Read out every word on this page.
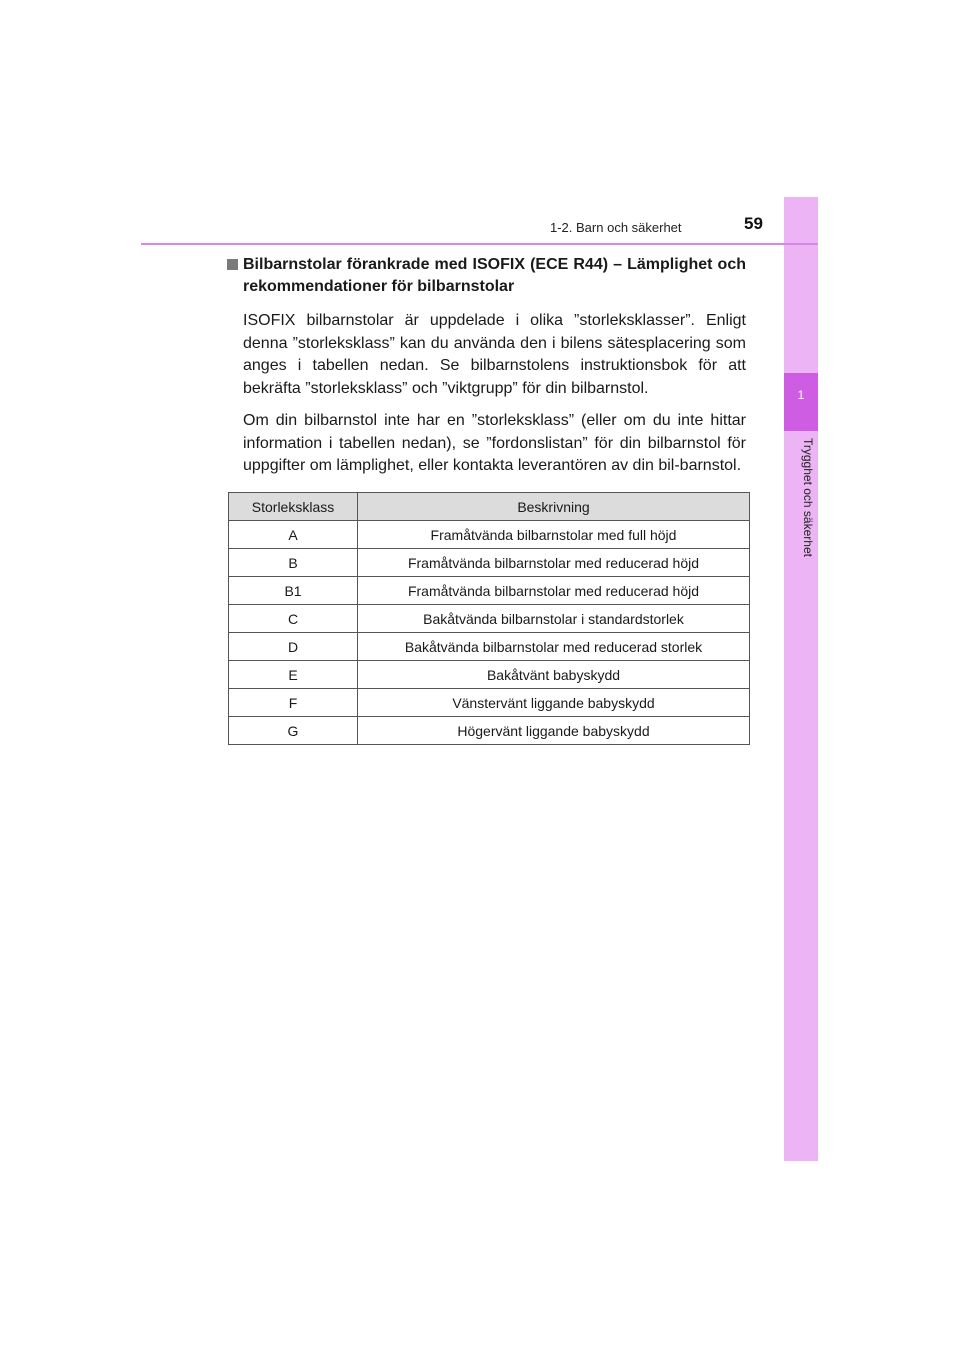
1
Trygghet och säkerhet
1-2. Barn och säkerhet	59

Bilbarnstolar förankrade med ISOFIX (ECE R44) – Lämplighet och rekommendationer för bilbarnstolar

ISOFIX bilbarnstolar är uppdelade i olika ”storleksklasser”. Enligt denna ”storleksklass” kan du använda den i bilens sätesplacering som anges i tabellen nedan. Se bilbarnstolens instruktionsbok för att bekräfta ”storleksklass” och ”viktgrupp” för din bilbarnstol.

Om din bilbarnstol inte har en ”storleksklass” (eller om du inte hittar information i tabellen nedan), se ”fordonslistan” för din bilbarnstol för uppgifter om lämplighet, eller kontakta leverantören av din bil-barnstol.

Storleksklass	Beskrivning
A	Framåtvända bilbarnstolar med full höjd
B	Framåtvända bilbarnstolar med reducerad höjd
B1	Framåtvända bilbarnstolar med reducerad höjd
C	Bakåtvända bilbarnstolar i standardstorlek
D	Bakåtvända bilbarnstolar med reducerad storlek
E	Bakåtvänt babyskydd
F	Vänstervänt liggande babyskydd
G	Högervänt liggande babyskydd
